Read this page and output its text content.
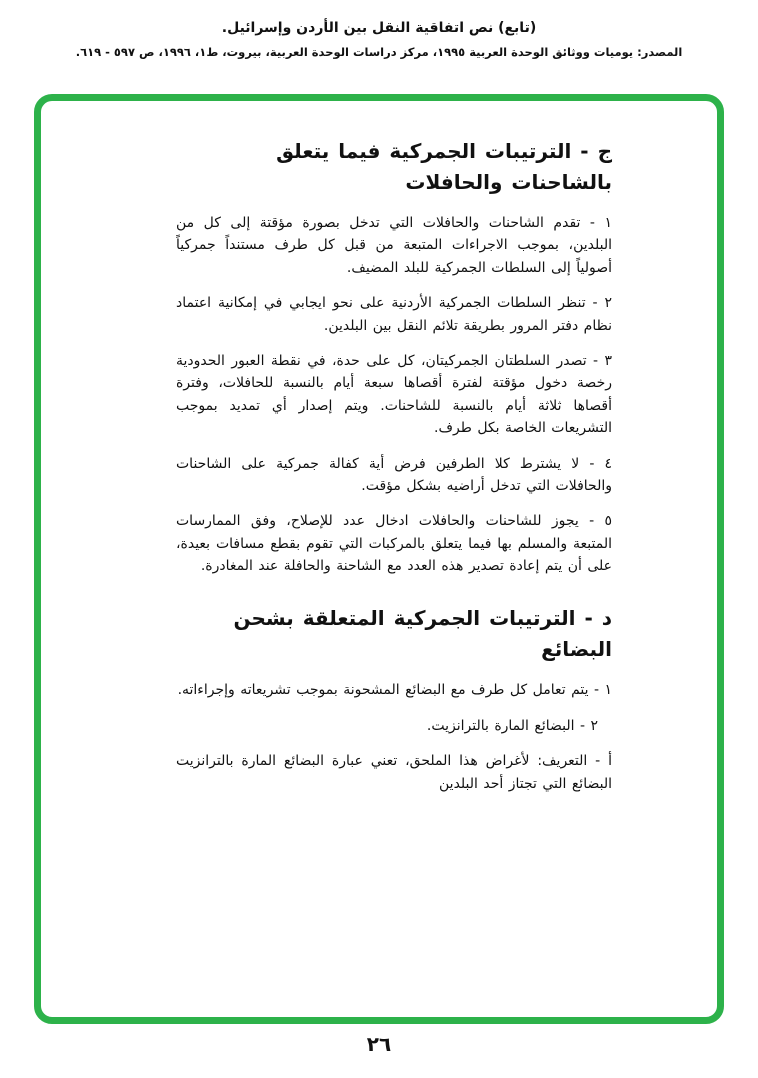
(تابع) نص اتفاقية النقل بين الأردن وإسرائيل.
المصدر: يوميات ووثائق الوحدة العربية ١٩٩٥، مركز دراسات الوحدة العربية، بيروت، ط١، ١٩٩٦، ص ٥٩٧ - ٦١٩.
ج - الترتيبات الجمركية فيما يتعلق بالشاحنات والحافلات

١ - تقدم الشاحنات والحافلات التي تدخل بصورة مؤقتة إلى كل من البلدين، بموجب الاجراءات المتبعة من قبل كل طرف مستنداً جمركياً أصولياً إلى السلطات الجمركية للبلد المضيف.

٢ - تنظر السلطات الجمركية الأردنية على نحو ايجابي في إمكانية اعتماد نظام دفتر المرور بطريقة تلائم النقل بين البلدين.

٣ - تصدر السلطتان الجمركيتان، كل على حدة، في نقطة العبور الحدودية رخصة دخول مؤقتة لفترة أقصاها سبعة أيام بالنسبة للحافلات، وفترة أقصاها ثلاثة أيام بالنسبة للشاحنات. ويتم إصدار أي تمديد بموجب التشريعات الخاصة بكل طرف.

٤ - لا يشترط كلا الطرفين فرض أية كفالة جمركية على الشاحنات والحافلات التي تدخل أراضيه بشكل مؤقت.

٥ - يجوز للشاحنات والحافلات ادخال عدد للإصلاح، وفق الممارسات المتبعة والمسلم بها فيما يتعلق بالمركبات التي تقوم بقطع مسافات بعيدة، على أن يتم إعادة تصدير هذه العدد مع الشاحنة والحافلة عند المغادرة.

د - الترتيبات الجمركية المتعلقة بشحن البضائع

١ - يتم تعامل كل طرف مع البضائع المشحونة بموجب تشريعاته وإجراءاته.

٢ - البضائع المارة بالترانزيت.

أ - التعريف: لأغراض هذا الملحق، تعني عبارة البضائع المارة بالترانزيت البضائع التي تجتاز أحد البلدين

٢٦
